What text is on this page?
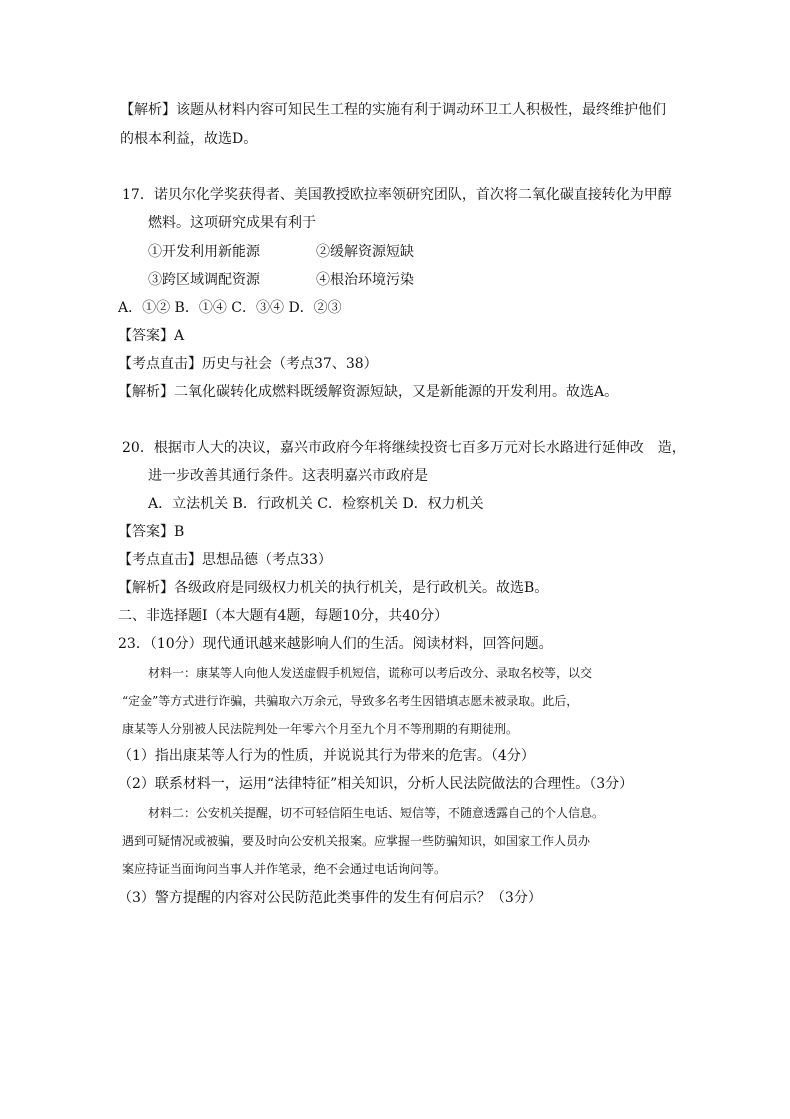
【解析】该题从材料内容可知民生工程的实施有利于调动环卫工人积极性，最终维护他们
的根本利益，故选D。
17．诺贝尔化学奖获得者、美国教授欧拉率领研究团队，首次将二氧化碳直接转化为甲醇
燃料。这项研究成果有利于
①开发利用新能源	②缓解资源短缺
③跨区域调配资源	④根治环境污染
A．①② B．①④ C．③④ D．②③
【答案】A
【考点直击】历史与社会（考点37、38）
【解析】二氧化碳转化成燃料既缓解资源短缺，又是新能源的开发利用。故选A。
20．根据市人大的决议，嘉兴市政府今年将继续投资七百多万元对长水路进行延伸改　造，
进一步改善其通行条件。这表明嘉兴市政府是
A．立法机关 B．行政机关 C．检察机关 D．权力机关
【答案】B
【考点直击】思想品德（考点33）
【解析】各级政府是同级权力机关的执行机关，是行政机关。故选B。
二、非选择题Ⅰ（本大题有4题，每题10分，共40分）
23．（10分）现代通讯越来越影响人们的生活。阅读材料，回答问题。
材料一：康某等人向他人发送虚假手机短信，谎称可以考后改分、录取名校等，以交
“定金”等方式进行诈骗，共骗取六万余元，导致多名考生因错填志愿未被录取。此后，
康某等人分别被人民法院判处一年零六个月至九个月不等刑期的有期徒刑。
（1）指出康某等人行为的性质，并说说其行为带来的危害。（4分）
（2）联系材料一，运用“法律特征”相关知识，分析人民法院做法的合理性。（3分）
材料二：公安机关提醒，切不可轻信陌生电话、短信等，不随意透露自己的个人信息。
遇到可疑情况或被骗，要及时向公安机关报案。应掌握一些防骗知识，如国家工作人员办
案应持证当面询问当事人并作笔录，绝不会通过电话询问等。
（3）警方提醒的内容对公民防范此类事件的发生有何启示？（3分）
